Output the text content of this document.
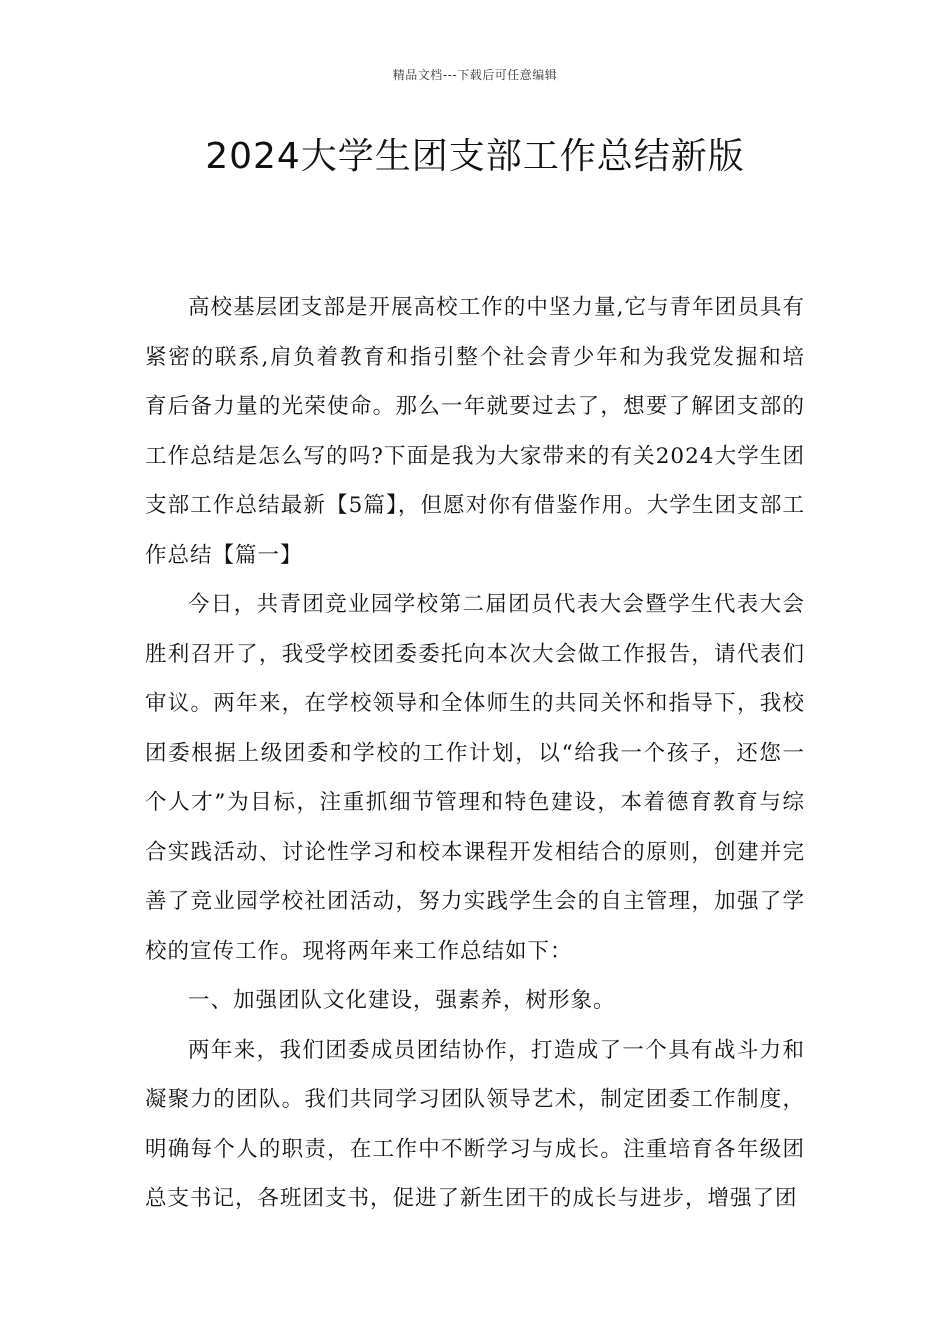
精品文档---下载后可任意编辑
2024大学生团支部工作总结新版

高校基层团支部是开展高校工作的中坚力量,它与青年团员具有紧密的联系,肩负着教育和指引整个社会青少年和为我党发掘和培育后备力量的光荣使命。那么一年就要过去了，想要了解团支部的工作总结是怎么写的吗?下面是我为大家带来的有关2024大学生团支部工作总结最新【5篇】，但愿对你有借鉴作用。大学生团支部工作总结【篇一】

今日，共青团竞业园学校第二届团员代表大会暨学生代表大会胜利召开了，我受学校团委委托向本次大会做工作报告，请代表们审议。两年来，在学校领导和全体师生的共同关怀和指导下，我校团委根据上级团委和学校的工作计划，以“给我一个孩子，还您一个人才”为目标，注重抓细节管理和特色建设，本着德育教育与综合实践活动、讨论性学习和校本课程开发相结合的原则，创建并完善了竞业园学校社团活动，努力实践学生会的自主管理，加强了学校的宣传工作。现将两年来工作总结如下：

一、加强团队文化建设，强素养，树形象。

两年来，我们团委成员团结协作，打造成了一个具有战斗力和凝聚力的团队。我们共同学习团队领导艺术，制定团委工作制度，明确每个人的职责，在工作中不断学习与成长。注重培育各年级团总支书记，各班团支书，促进了新生团干的成长与进步，增强了团
